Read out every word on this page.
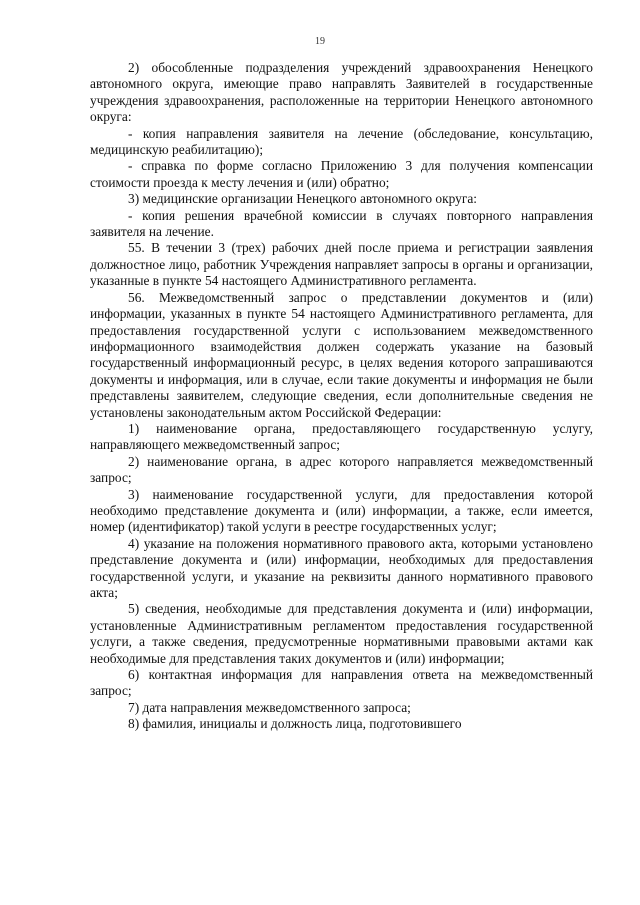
19

2) обособленные подразделения учреждений здравоохранения Ненецкого автономного округа, имеющие право направлять Заявителей в государственные учреждения здравоохранения, расположенные на территории Ненецкого автономного округа:

- копия направления заявителя на лечение (обследование, консультацию, медицинскую реабилитацию);

- справка по форме согласно Приложению 3 для получения компенсации стоимости проезда к месту лечения и (или) обратно;

3) медицинские организации Ненецкого автономного округа:

- копия решения врачебной комиссии в случаях повторного направления заявителя на лечение.

55. В течении 3 (трех) рабочих дней после приема и регистрации заявления должностное лицо, работник Учреждения направляет запросы в органы и организации, указанные в пункте 54 настоящего Административного регламента.

56. Межведомственный запрос о представлении документов и (или) информации, указанных в пункте 54 настоящего Административного регламента, для предоставления государственной услуги с использованием межведомственного информационного взаимодействия должен содержать указание на базовый государственный информационный ресурс, в целях ведения которого запрашиваются документы и информация, или в случае, если такие документы и информация не были представлены заявителем, следующие сведения, если дополнительные сведения не установлены законодательным актом Российской Федерации:

1) наименование органа, предоставляющего государственную услугу, направляющего межведомственный запрос;

2) наименование органа, в адрес которого направляется межведомственный запрос;

3) наименование государственной услуги, для предоставления которой необходимо представление документа и (или) информации, а также, если имеется, номер (идентификатор) такой услуги в реестре государственных услуг;

4) указание на положения нормативного правового акта, которыми установлено представление документа и (или) информации, необходимых для предоставления государственной услуги, и указание на реквизиты данного нормативного правового акта;

5) сведения, необходимые для представления документа и (или) информации, установленные Административным регламентом предоставления государственной услуги, а также сведения, предусмотренные нормативными правовыми актами как необходимые для представления таких документов и (или) информации;

6) контактная информация для направления ответа на межведомственный запрос;

7) дата направления межведомственного запроса;

8) фамилия, инициалы и должность лица, подготовившего
